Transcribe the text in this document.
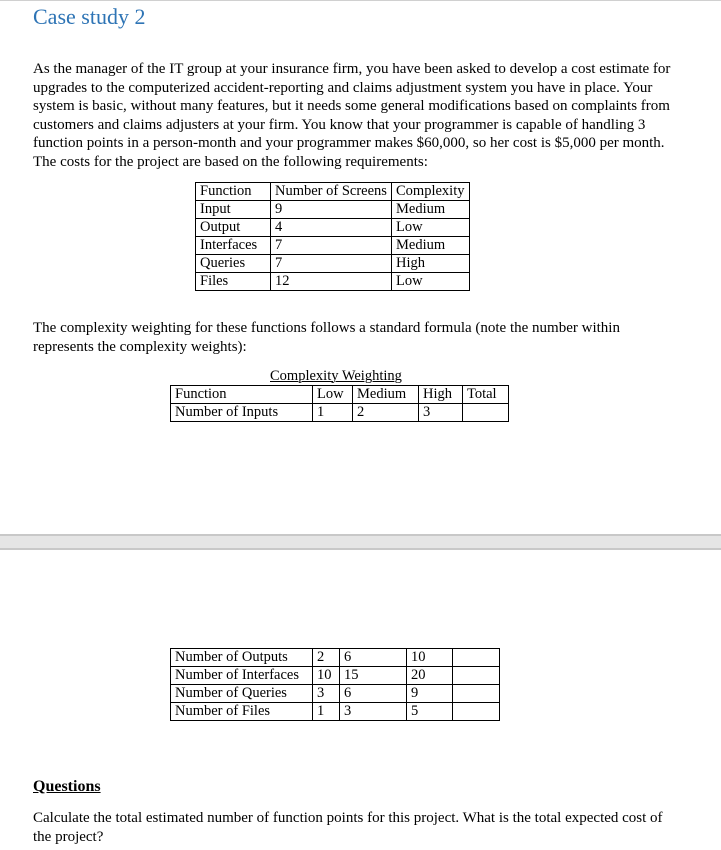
Case study 2

As the manager of the IT group at your insurance firm, you have been asked to develop a cost estimate for upgrades to the computerized accident-reporting and claims adjustment system you have in place. Your system is basic, without many features, but it needs some general modifications based on complaints from customers and claims adjusters at your firm. You know that your programmer is capable of handling 3 function points in a person-month and your programmer makes $60,000, so her cost is $5,000 per month. The costs for the project are based on the following requirements:

Function	Number of Screens	Complexity
Input	9	Medium
Output	4	Low
Interfaces	7	Medium
Queries	7	High
Files	12	Low

The complexity weighting for these functions follows a standard formula (note the number within represents the complexity weights):

Complexity Weighting
Function	Low	Medium	High	Total
Number of Inputs	1	2	3	
Number of Outputs	2	6	10	
Number of Interfaces	10	15	20	
Number of Queries	3	6	9	
Number of Files	1	3	5	
Questions

Calculate the total estimated number of function points for this project. What is the total expected cost of the project?
